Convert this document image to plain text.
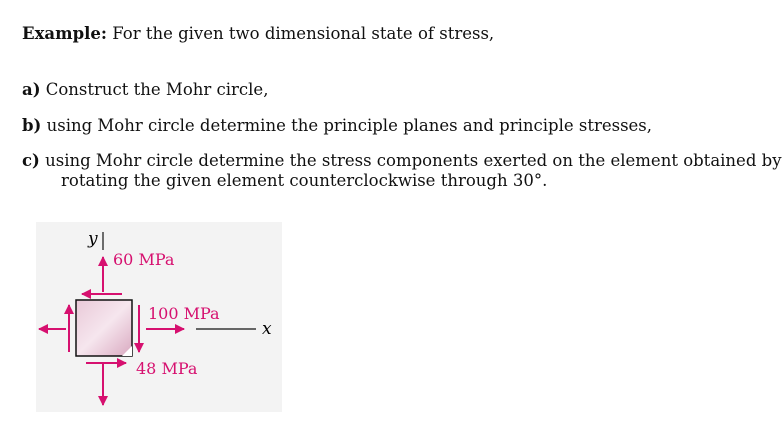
Example: For the given two dimensional state of stress,
a) Construct the Mohr circle,
b) using Mohr circle determine the principle planes and principle stresses,
c) using Mohr circle determine the stress components exerted on the element obtained by
rotating the given element counterclockwise through 30°.
y
x
60 MPa
100 MPa
48 MPa
